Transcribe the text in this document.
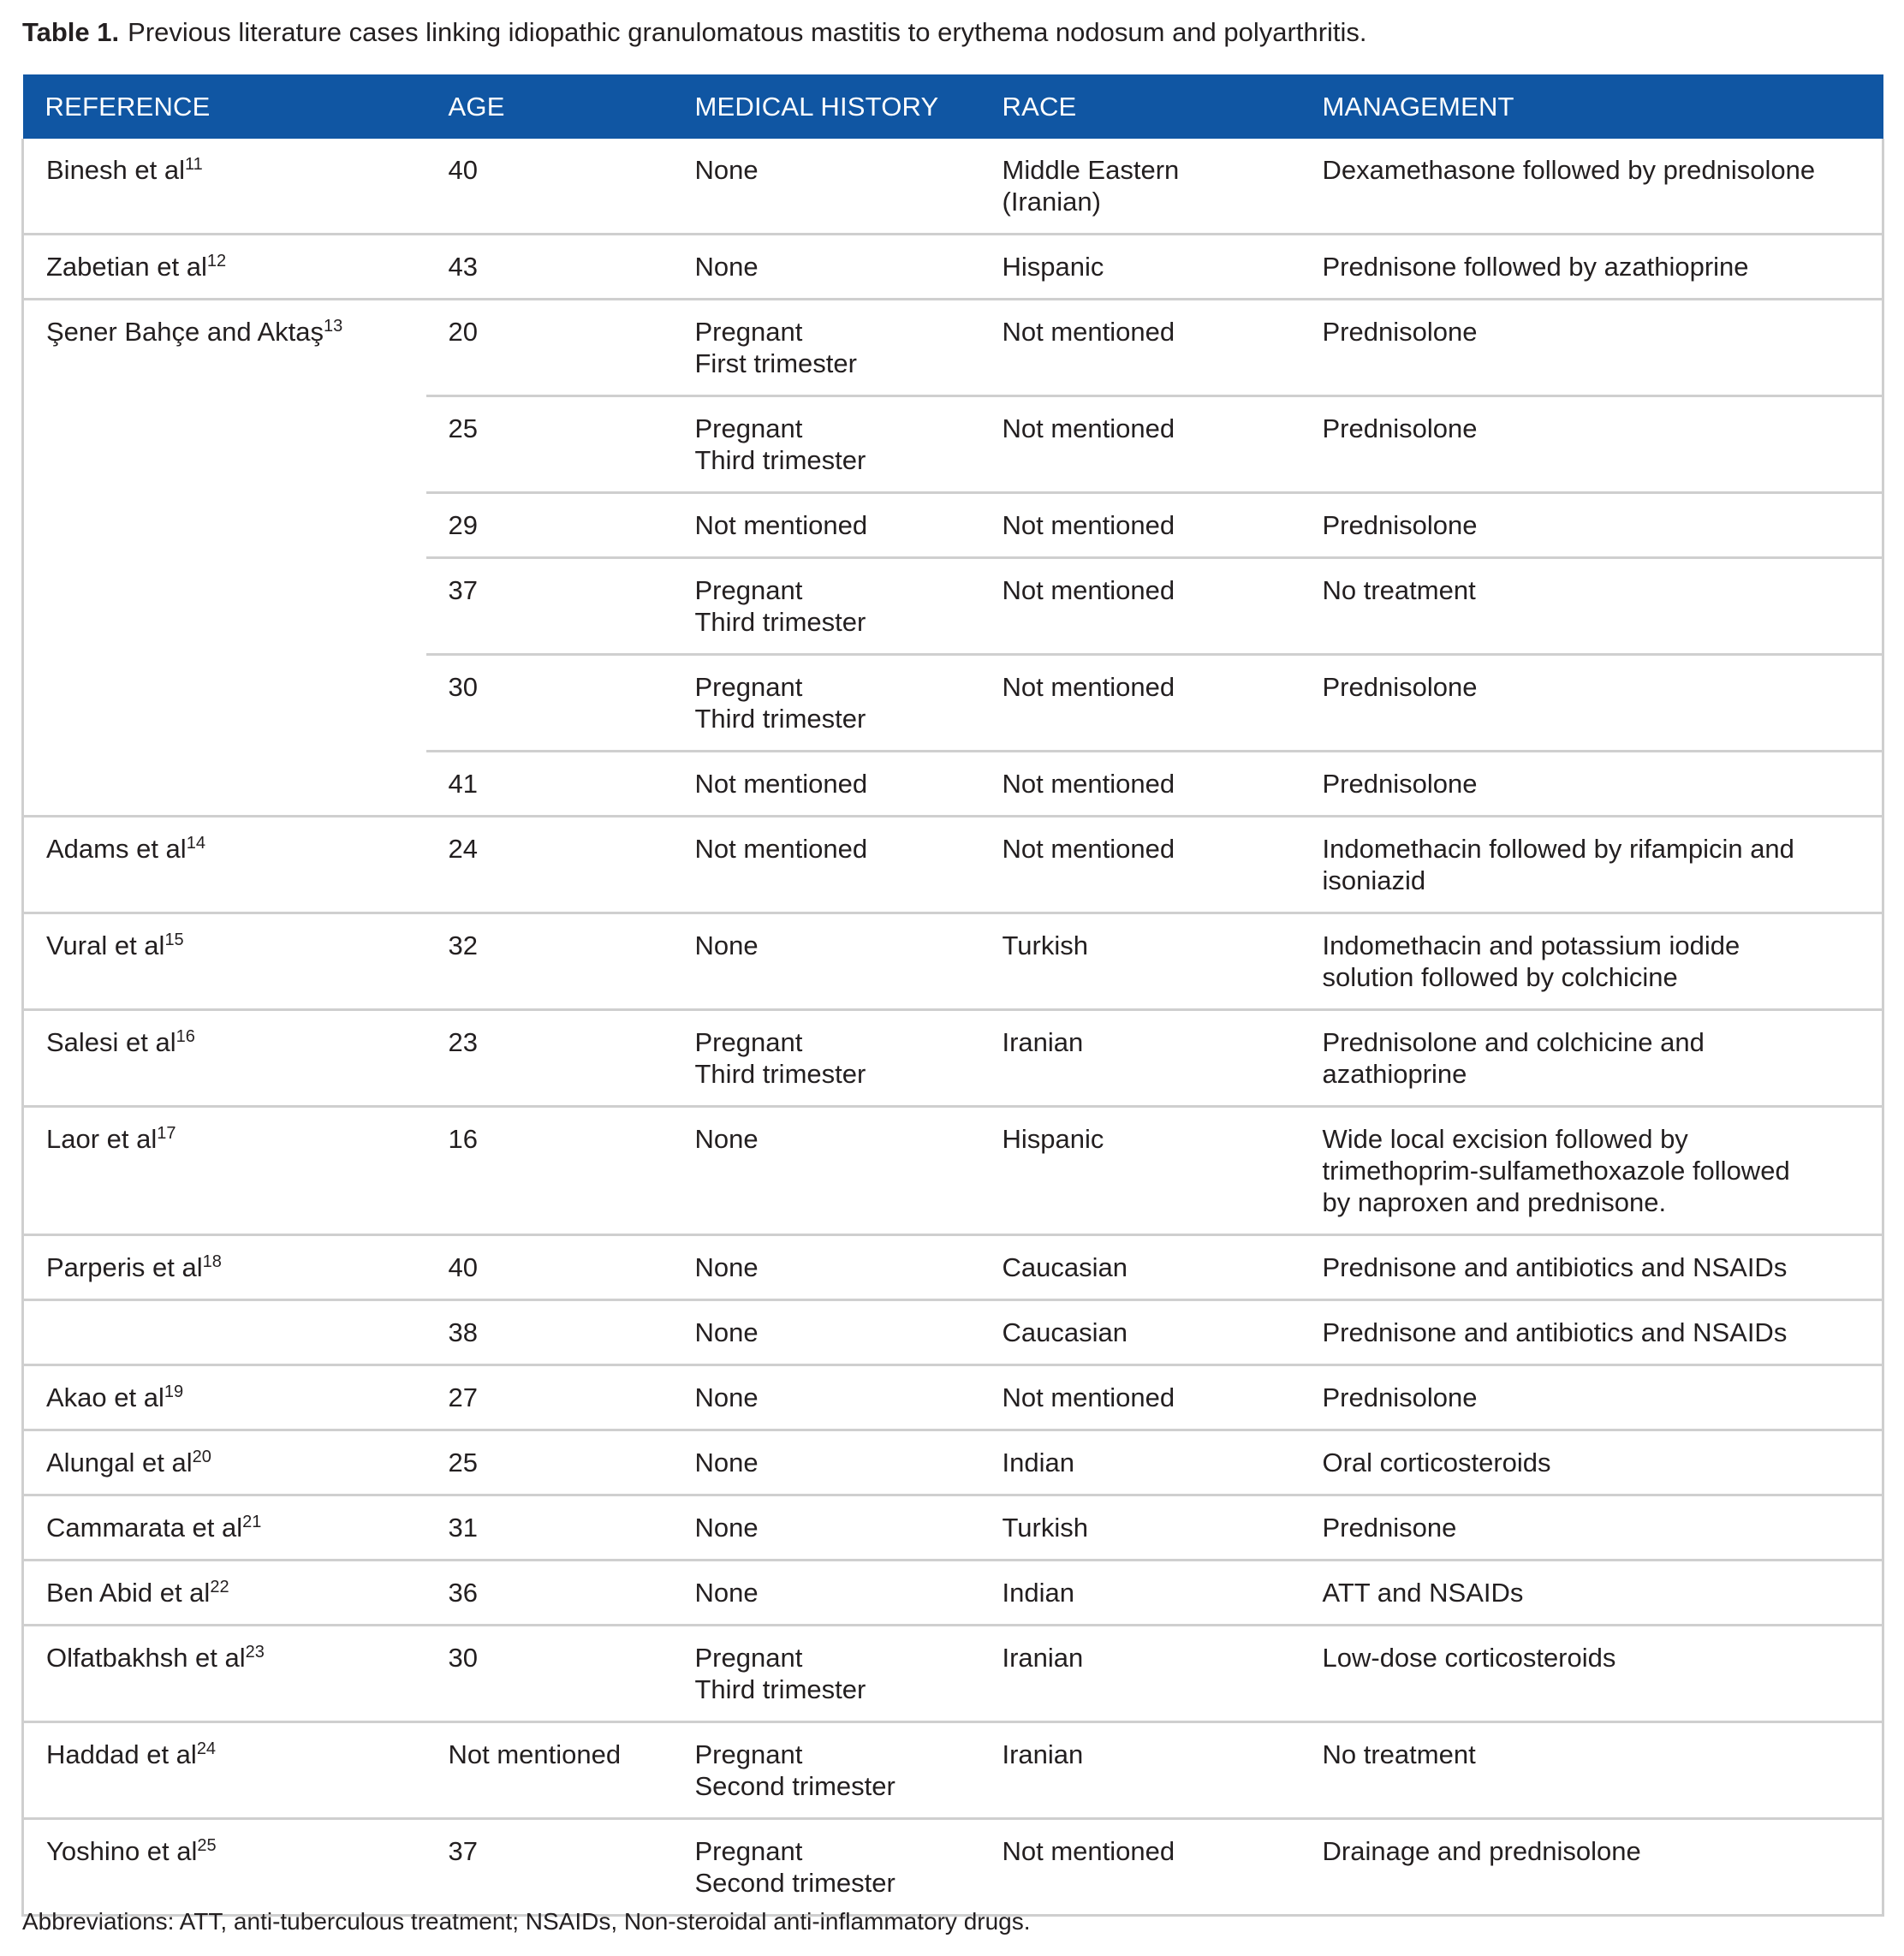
Table 1. Previous literature cases linking idiopathic granulomatous mastitis to erythema nodosum and polyarthritis.
REFERENCE	AGE	MEDICAL HISTORY	RACE	MANAGEMENT
Binesh et $al^{11}$	40	None	Middle Eastern
(Iranian)	Dexamethasone followed by prednisolone

Zabetian et $al^{12}$	43	None	Hispanic	Prednisone followed by azathioprine

Şener Bahçe and Aktaş$^{13}$	20	Pregnant
First trimester	Not mentioned	Prednisolone

	25	Pregnant
Third trimester	Not mentioned	Prednisolone

	29	Not mentioned	Not mentioned	Prednisolone

	37	Pregnant
Third trimester	Not mentioned	No treatment

	30	Pregnant
Third trimester	Not mentioned	Prednisolone

	41	Not mentioned	Not mentioned	Prednisolone

Adams et $al^{14}$	24	Not mentioned	Not mentioned	Indomethacin followed by rifampicin and
isoniazid

Vural et $al^{15}$	32	None	Turkish	Indomethacin and potassium iodide
solution followed by colchicine

Salesi et $al^{16}$	23	Pregnant
Third trimester	Iranian	Prednisolone and colchicine and
azathioprine

Laor et $al^{17}$	16	None	Hispanic	Wide local excision followed by
trimethoprim-sulfamethoxazole followed
by naproxen and prednisone.

Parperis et $al^{18}$	40	None	Caucasian	Prednisone and antibiotics and NSAIDs

	38	None	Caucasian	Prednisone and antibiotics and NSAIDs

Akao et $al^{19}$	27	None	Not mentioned	Prednisolone

Alungal et $al^{20}$	25	None	Indian	Oral corticosteroids

Cammarata et $al^{21}$	31	None	Turkish	Prednisone

Ben Abid et $al^{22}$	36	None	Indian	ATT and NSAIDs

Olfatbakhsh et $al^{23}$	30	Pregnant
Third trimester	Iranian	Low-dose corticosteroids

Haddad et $al^{24}$	Not mentioned	Pregnant
Second trimester	Iranian	No treatment

Yoshino et $al^{25}$	37	Pregnant
Second trimester	Not mentioned	Drainage and prednisolone
Abbreviations: ATT, anti-tuberculous treatment; NSAIDs, Non-steroidal anti-inflammatory drugs.
